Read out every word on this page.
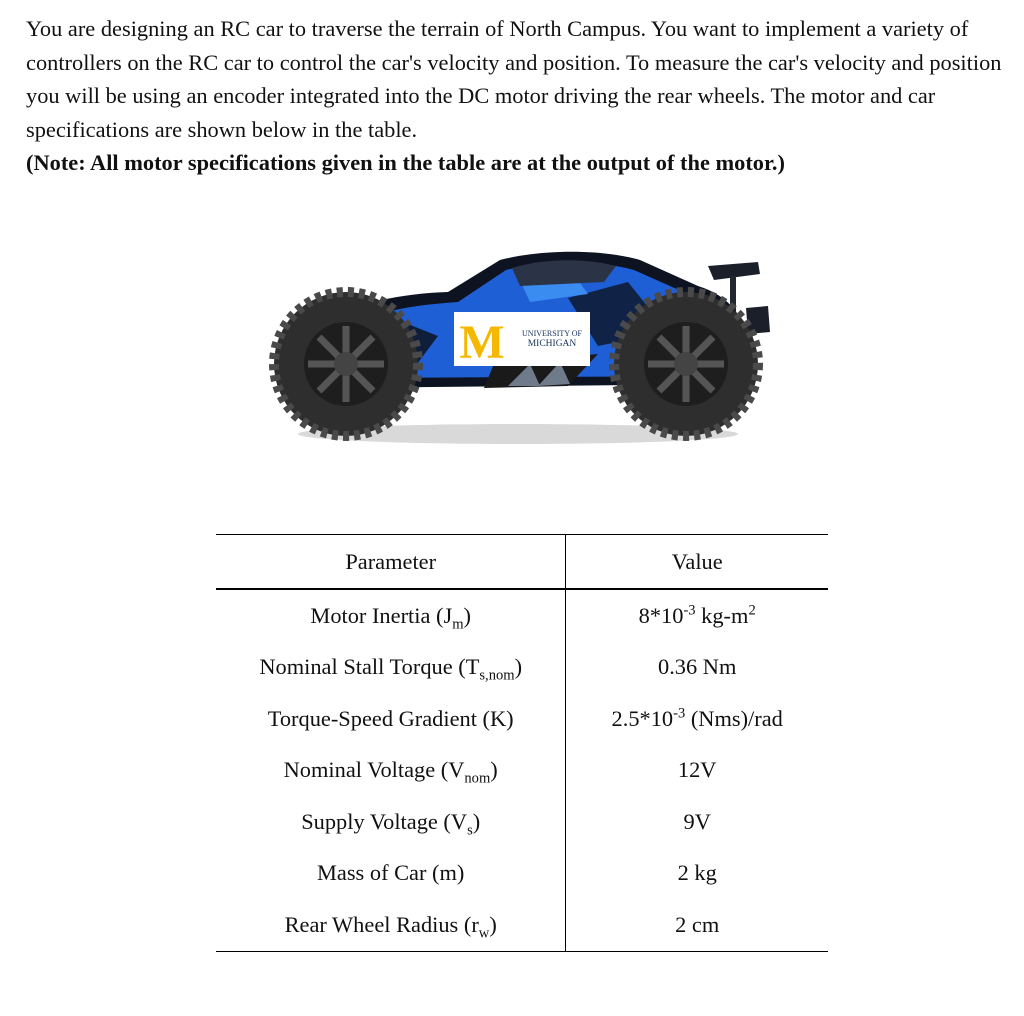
You are designing an RC car to traverse the terrain of North Campus. You want to implement a variety of controllers on the RC car to control the car's velocity and position. To measure the car's velocity and position you will be using an encoder integrated into the DC motor driving the rear wheels. The motor and car specifications are shown below in the table.

(Note: All motor specifications given in the table are at the output of the motor.)

M UNIVERSITY OF
MICHIGAN
Parameter	Value
Motor Inertia $(J_m)$	$8*10^{-3}$ $kg-m^2$
Nominal Stall Torque $(T_{s,nom})$	0.36 Nm
Torque-Speed Gradient (K)	$2.5*10^{-3}$ (Nms)/rad
Nominal Voltage $(V_{nom})$	12V
Supply Voltage $(V_s)$	9V
Mass of Car (m)	2 kg
Rear Wheel Radius $(r_w)$	2 cm
